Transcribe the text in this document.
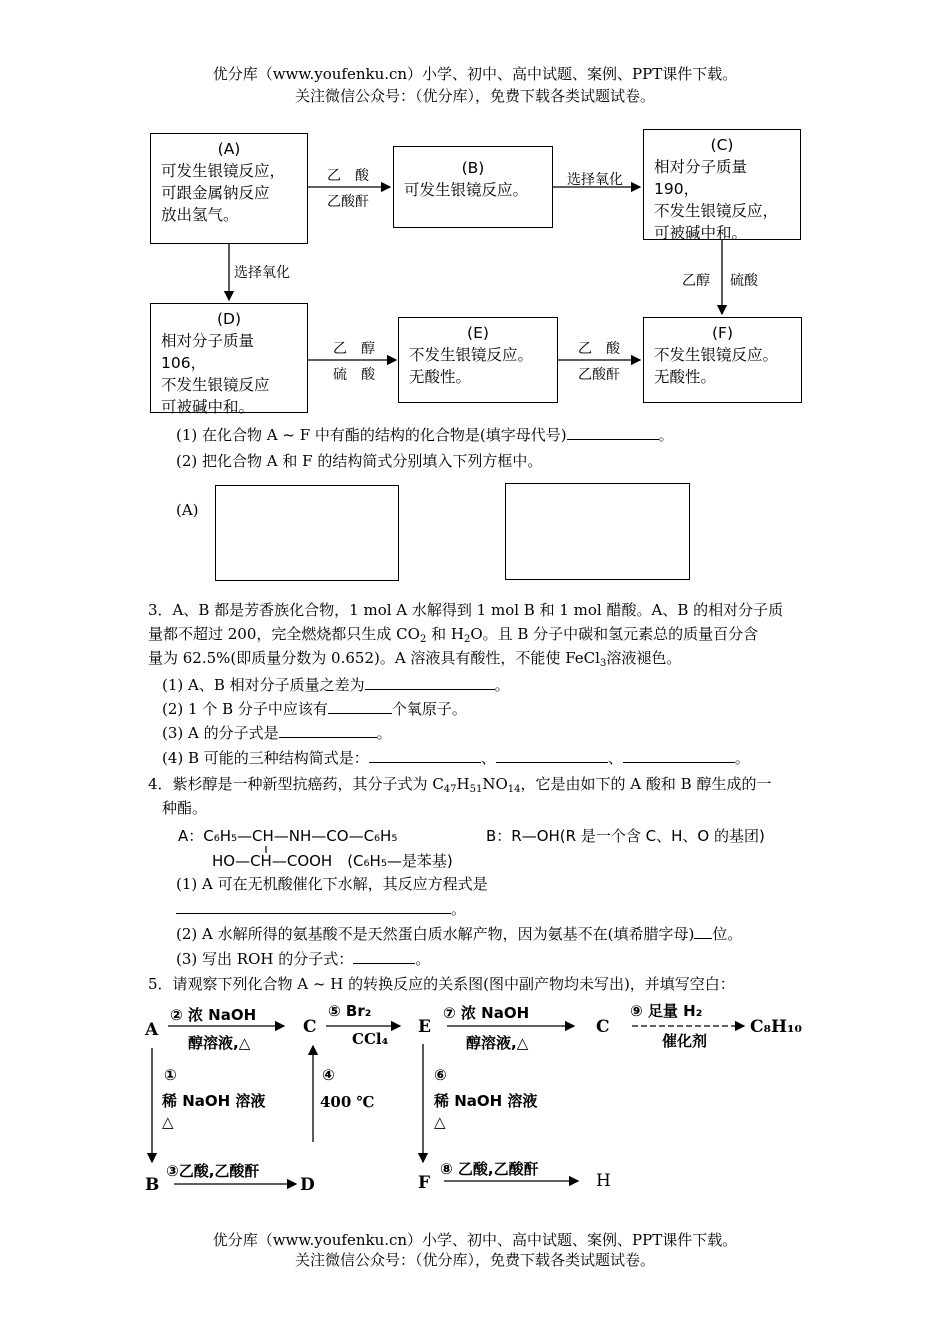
优分库（www.youfenku.cn）小学、初中、高中试题、案例、PPT课件下载。
关注微信公众号：（优分库），免费下载各类试题试卷。
(A)
可发生银镜反应，
可跟金属钠反应
放出氢气。
(B)
可发生银镜反应。
(C)
相对分子质量190，
不发生银镜反应，
可被碱中和。
(D)
相对分子质量106，
不发生银镜反应
可被碱中和。
(E)
不发生银镜反应。
无酸性。
(F)
不发生银镜反应。
无酸性。
乙　酸
乙酸酐
选择氧化
选择氧化	乙醇 硫酸
乙　醇
硫　酸
乙　酸
乙酸酐
(1) 在化合物 A ~ F 中有酯的结构的化合物是(填字母代号)	。
(2) 把化合物 A 和 F 的结构简式分别填入下列方框中。
(A)
3．A、B 都是芳香族化合物，1 mol A 水解得到 1 mol B 和 1 mol 醋酸。A、B 的相对分子质
量都不超过 200，完全燃烧都只生成 $CO_2$ 和 $H_2O$。且 B 分子中碳和氢元素总的质量百分含
量为 62.5%(即质量分数为 0.652)。A 溶液具有酸性，不能使 FeCl$_3$溶液褪色。
(1) A、B 相对分子质量之差为	。
(2) 1 个 B 分子中应该有	个氧原子。
(3) A 的分子式是	。
(4) B 可能的三种结构简式是：	、	、	。
4．紫杉醇是一种新型抗癌药，其分子式为 $C_{47}H_{51}NO_{14}$，它是由如下的 A 酸和 B 醇生成的一
种酯。
A：C₆H₅—CH—NH—CO—C₆H₅
HO—CH—COOH　(C₆H₅—是苯基)
B：R—OH(R 是一个含 C、H、O 的基团)
(1) A 可在无机酸催化下水解，其反应方程式是
。
(2) A 水解所得的氨基酸不是天然蛋白质水解产物，因为氨基不在(填希腊字母) 位。
(3) 写出 ROH 的分子式：	。
5．请观察下列化合物 A ~ H 的转换反应的关系图(图中副产物均未写出)，并填写空白：
A	C	E	C	C₈H₁₀
B	D	F	H
② 浓 NaOH
醇溶液,△
⑤ Br₂
CCl₄
⑦ 浓 NaOH
醇溶液,△
⑨ 足量 H₂
催化剂
①
稀 NaOH 溶液
△
④
400 ℃
⑥
稀 NaOH 溶液
△
③乙酸,乙酸酐	⑧ 乙酸,乙酸酐
优分库（www.youfenku.cn）小学、初中、高中试题、案例、PPT课件下载。
关注微信公众号：（优分库），免费下载各类试题试卷。
